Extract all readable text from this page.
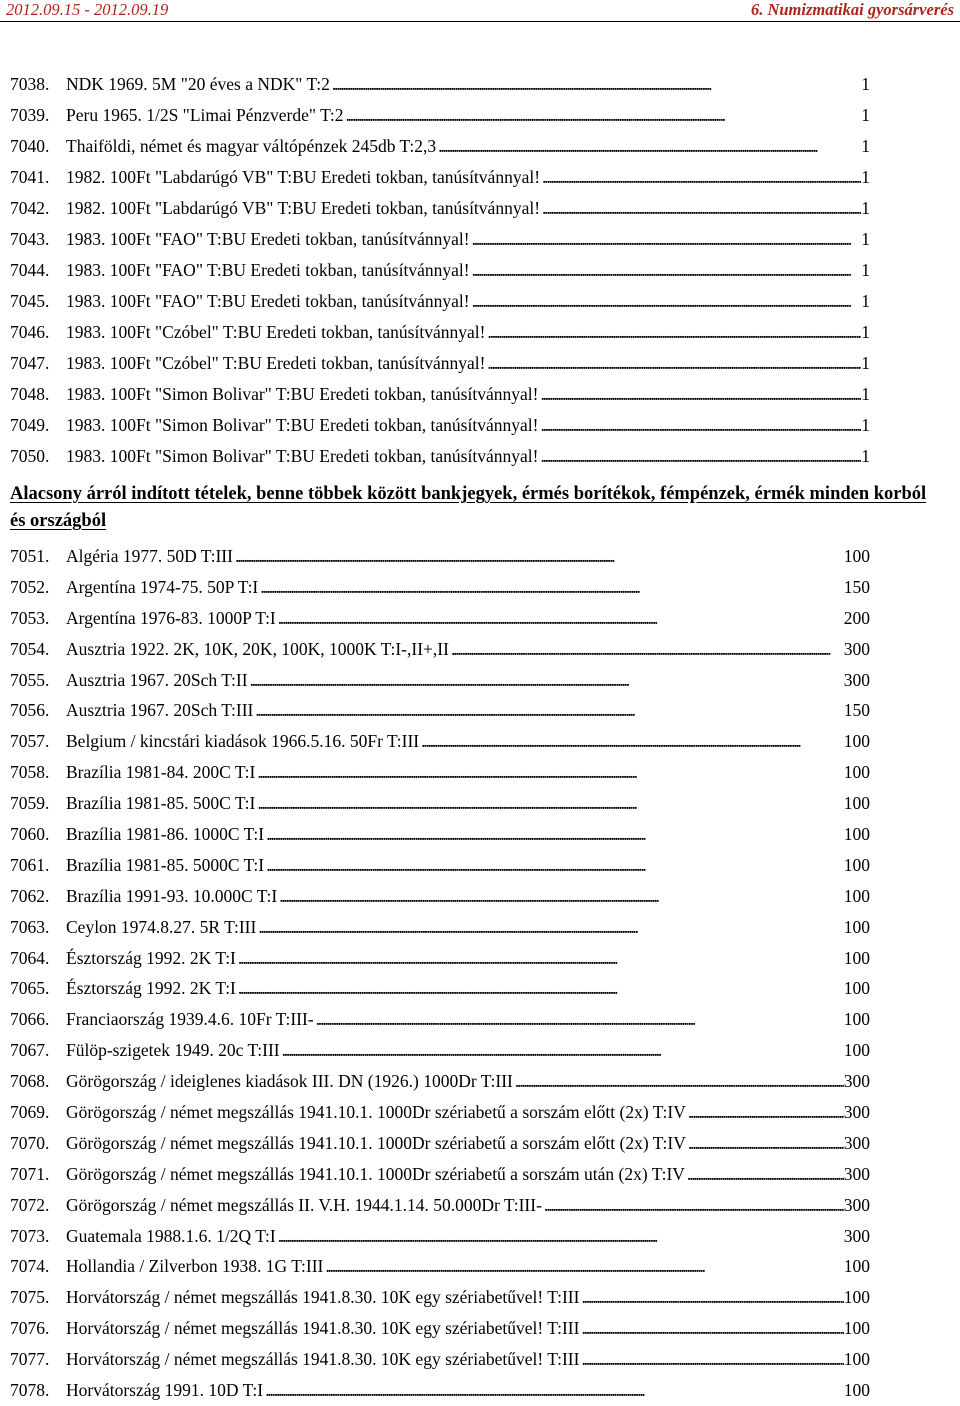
2012.09.15 - 2012.09.19	6. Numizmatikai gyorsárverés
7038. NDK 1969. 5M "20 éves a NDK" T:2 . . .	1
7039. Peru 1965. 1/2S "Limai Pénzverde" T:2 . . .	1
7040. Thaiföldi, német és magyar váltópénzek 245db T:2,3 . . .	1
7041. 1982. 100Ft "Labdarúgó VB" T:BU Eredeti tokban, tanúsítvánnyal! . . .	1
7042. 1982. 100Ft "Labdarúgó VB" T:BU Eredeti tokban, tanúsítvánnyal! . . .	1
7043. 1983. 100Ft "FAO" T:BU Eredeti tokban, tanúsítvánnyal! . . .	1
7044. 1983. 100Ft "FAO" T:BU Eredeti tokban, tanúsítvánnyal! . . .	1
7045. 1983. 100Ft "FAO" T:BU Eredeti tokban, tanúsítvánnyal! . . .	1
7046. 1983. 100Ft "Czóbel" T:BU Eredeti tokban, tanúsítvánnyal! . . .	1
7047. 1983. 100Ft "Czóbel" T:BU Eredeti tokban, tanúsítvánnyal! . . .	1
7048. 1983. 100Ft "Simon Bolivar" T:BU Eredeti tokban, tanúsítvánnyal! . . .	1
7049. 1983. 100Ft "Simon Bolivar" T:BU Eredeti tokban, tanúsítvánnyal! . . .	1
7050. 1983. 100Ft "Simon Bolivar" T:BU Eredeti tokban, tanúsítvánnyal! . . .	1
Alacsony árról indított tételek, benne többek között bankjegyek, érmés borítékok, fémpénzek, érmék minden korból és országból
7051. Algéria 1977. 50D T:III . . .	100
7052. Argentína 1974-75. 50P T:I . . .	150
7053. Argentína 1976-83. 1000P T:I . . .	200
7054. Ausztria 1922. 2K, 10K, 20K, 100K, 1000K T:I-,II+,II . . .	300
7055. Ausztria 1967. 20Sch T:II . . .	300
7056. Ausztria 1967. 20Sch T:III . . .	150
7057. Belgium / kincstári kiadások 1966.5.16. 50Fr T:III . . .	100
7058. Brazília 1981-84. 200C T:I . . .	100
7059. Brazília 1981-85. 500C T:I . . .	100
7060. Brazília 1981-86. 1000C T:I . . .	100
7061. Brazília 1981-85. 5000C T:I . . .	100
7062. Brazília 1991-93. 10.000C T:I . . .	100
7063. Ceylon 1974.8.27. 5R T:III . . .	100
7064. Észtország 1992. 2K T:I . . .	100
7065. Észtország 1992. 2K T:I . . .	100
7066. Franciaország 1939.4.6. 10Fr T:III- . . .	100
7067. Fülöp-szigetek 1949. 20c T:III . . .	100
7068. Görögország / ideiglenes kiadások III. DN (1926.) 1000Dr T:III . . .	300
7069. Görögország / német megszállás 1941.10.1. 1000Dr szériabetű a sorszám előtt (2x) T:IV . . .	300
7070. Görögország / német megszállás 1941.10.1. 1000Dr szériabetű a sorszám előtt (2x) T:IV . . .	300
7071. Görögország / német megszállás 1941.10.1. 1000Dr szériabetű a sorszám után (2x) T:IV . . .	300
7072. Görögország / német megszállás II. V.H. 1944.1.14. 50.000Dr T:III- . . .	300
7073. Guatemala 1988.1.6. 1/2Q T:I . . .	300
7074. Hollandia / Zilverbon 1938. 1G T:III . . .	100
7075. Horvátország / német megszállás 1941.8.30. 10K egy szériabetűvel! T:III . . .	100
7076. Horvátország / német megszállás 1941.8.30. 10K egy szériabetűvel! T:III . . .	100
7077. Horvátország / német megszállás 1941.8.30. 10K egy szériabetűvel! T:III . . .	100
7078. Horvátország 1991. 10D T:I . . .	100
